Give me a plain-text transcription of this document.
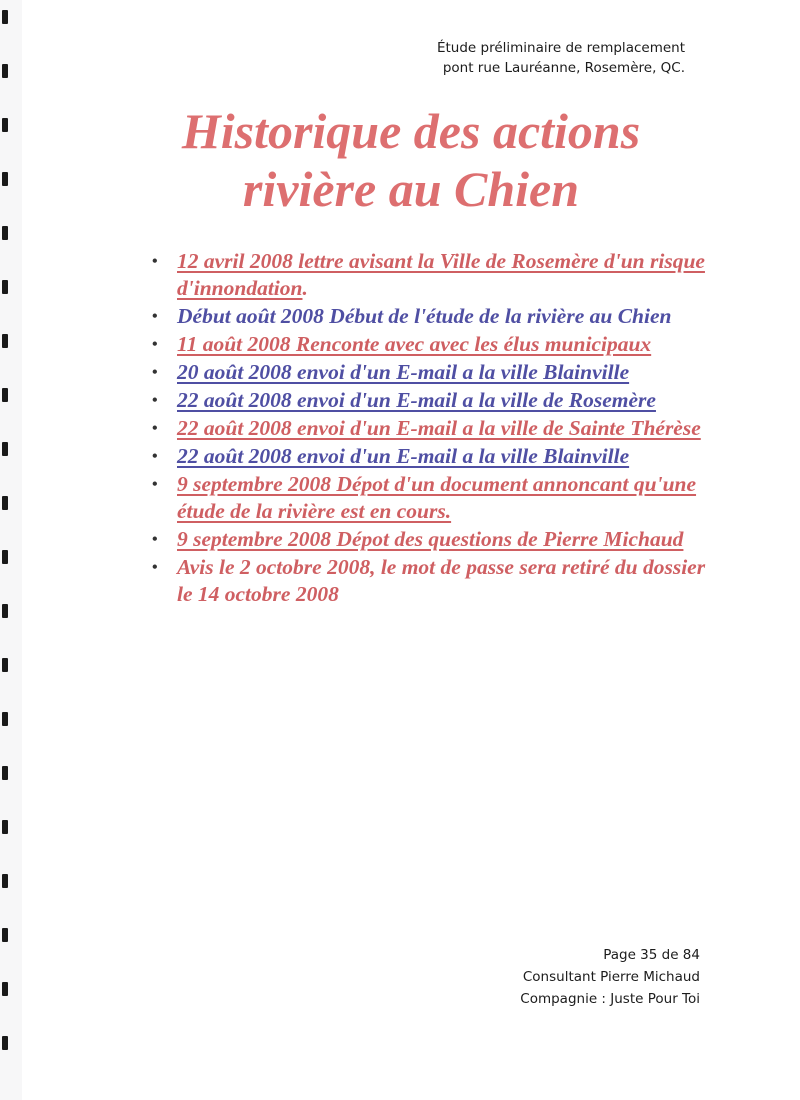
Étude préliminaire de remplacement
pont rue Lauréanne, Rosemère, QC.
Historique des actions
rivière au Chien
• 12 avril 2008 lettre avisant la Ville de Rosemère d'un risque d'innondation.
• Début août 2008 Début de l'étude de la rivière au Chien
• 11 août 2008 Renconte avec avec les élus municipaux
• 20 août 2008 envoi d'un E-mail a la ville Blainville
• 22 août 2008 envoi d'un E-mail a la ville de Rosemère
• 22 août 2008 envoi d'un E-mail a la ville de Sainte Thérèse
• 22 août 2008 envoi d'un E-mail a la ville Blainville
• 9 septembre 2008 Dépot d'un document annoncant qu'une étude de la rivière est en cours.
• 9 septembre 2008 Dépot des questions de Pierre Michaud
• Avis le 2 octobre 2008, le mot de passe sera retiré du dossier le 14 octobre 2008
Page 35 de 84
Consultant Pierre Michaud
Compagnie : Juste Pour Toi
